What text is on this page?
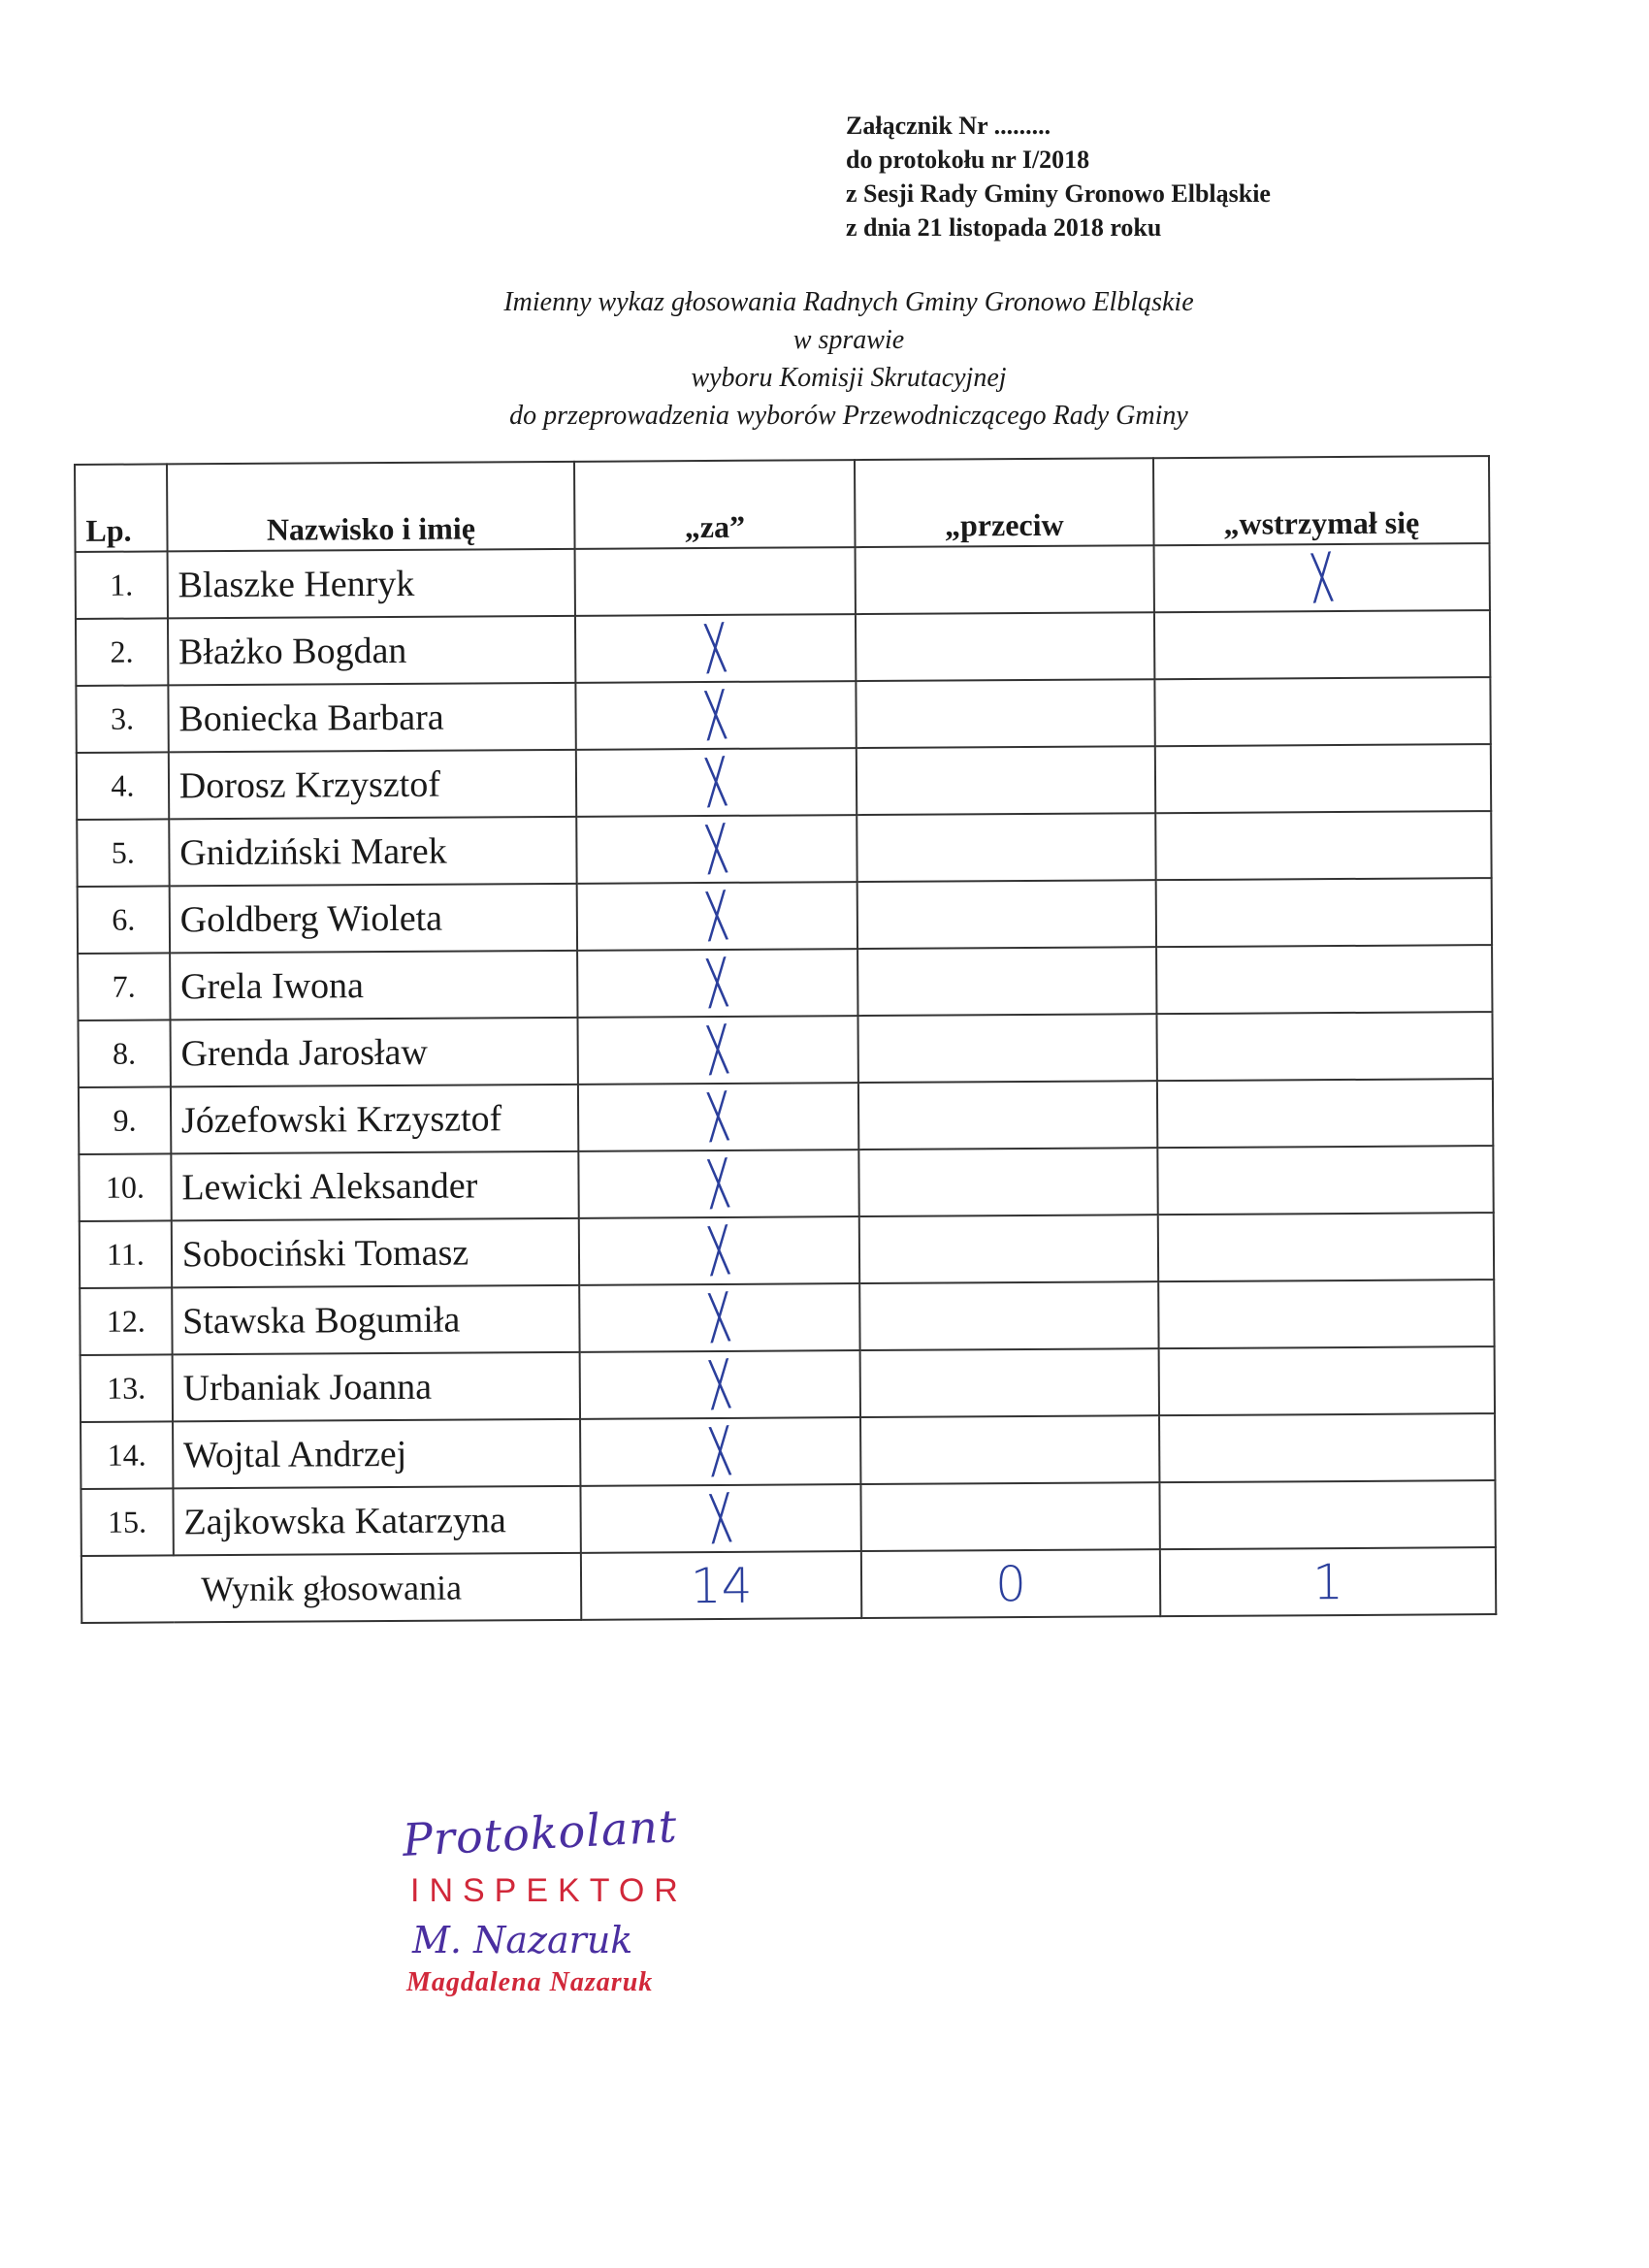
Załącznik Nr .........
do protokołu nr I/2018
z Sesji Rady Gminy Gronowo Elbląskie
z dnia 21 listopada 2018 roku
Imienny wykaz głosowania Radnych Gminy Gronowo Elbląskie
w sprawie
wyboru Komisji Skrutacyjnej
do przeprowadzenia wyborów Przewodniczącego Rady Gminy
Lp.	Nazwisko i imię	„za”	„przeciw	„wstrzymał się
1.	Blaszke Henryk			╳
2.	Błażko Bogdan	╳		
3.	Boniecka Barbara	╳		
4.	Dorosz Krzysztof	╳		
5.	Gnidziński Marek	╳		
6.	Goldberg Wioleta	╳		
7.	Grela Iwona	╳		
8.	Grenda Jarosław	╳		
9.	Józefowski Krzysztof	╳		
10.	Lewicki Aleksander	╳		
11.	Sobociński Tomasz	╳		
12.	Stawska Bogumiła	╳		
13.	Urbaniak Joanna	╳		
14.	Wojtal Andrzej	╳		
15.	Zajkowska Katarzyna	╳		
Wynik głosowania		14	0	1
Protokolant
INSPEKTOR
M. Nazaruk
Magdalena Nazaruk
